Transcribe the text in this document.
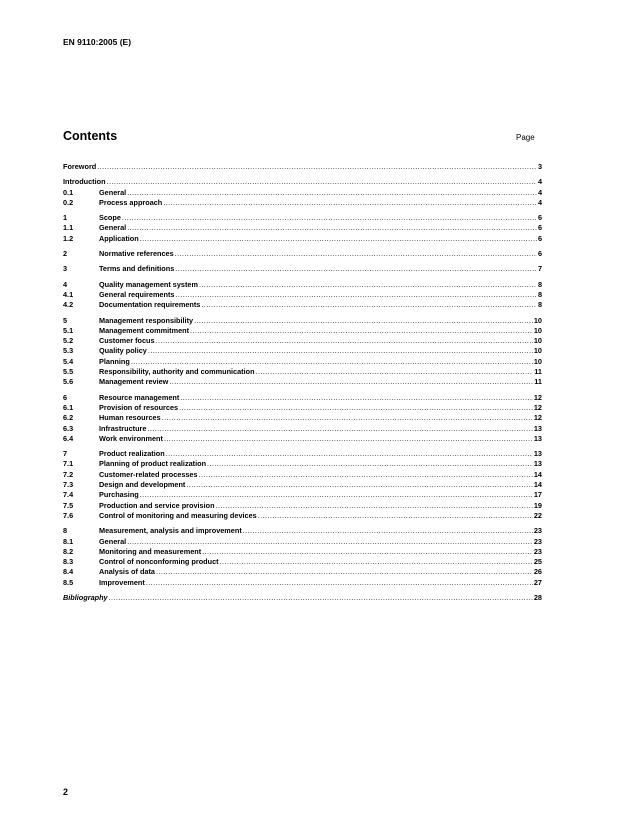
EN 9110:2005 (E)
Contents	Page
Foreword .....	3
Introduction .....	4
0.1	General .....	4
0.2	Process approach .....	4
1	Scope .....	6
1.1	General .....	6
1.2	Application .....	6
2	Normative references .....	6
3	Terms and definitions .....	7
4	Quality management system .....	8
4.1	General requirements .....	8
4.2	Documentation requirements .....	8
5	Management responsibility .....	10
5.1	Management commitment .....	10
5.2	Customer focus .....	10
5.3	Quality policy .....	10
5.4	Planning .....	10
5.5	Responsibility, authority and communication .....	11
5.6	Management review .....	11
6	Resource management .....	12
6.1	Provision of resources .....	12
6.2	Human resources .....	12
6.3	Infrastructure .....	13
6.4	Work environment .....	13
7	Product realization .....	13
7.1	Planning of product realization .....	13
7.2	Customer-related processes .....	14
7.3	Design and development .....	14
7.4	Purchasing .....	17
7.5	Production and service provision .....	19
7.6	Control of monitoring and measuring devices .....	22
8	Measurement, analysis and improvement .....	23
8.1	General .....	23
8.2	Monitoring and measurement .....	23
8.3	Control of nonconforming product .....	25
8.4	Analysis of data .....	26
8.5	Improvement .....	27
Bibliography .....	28
2
